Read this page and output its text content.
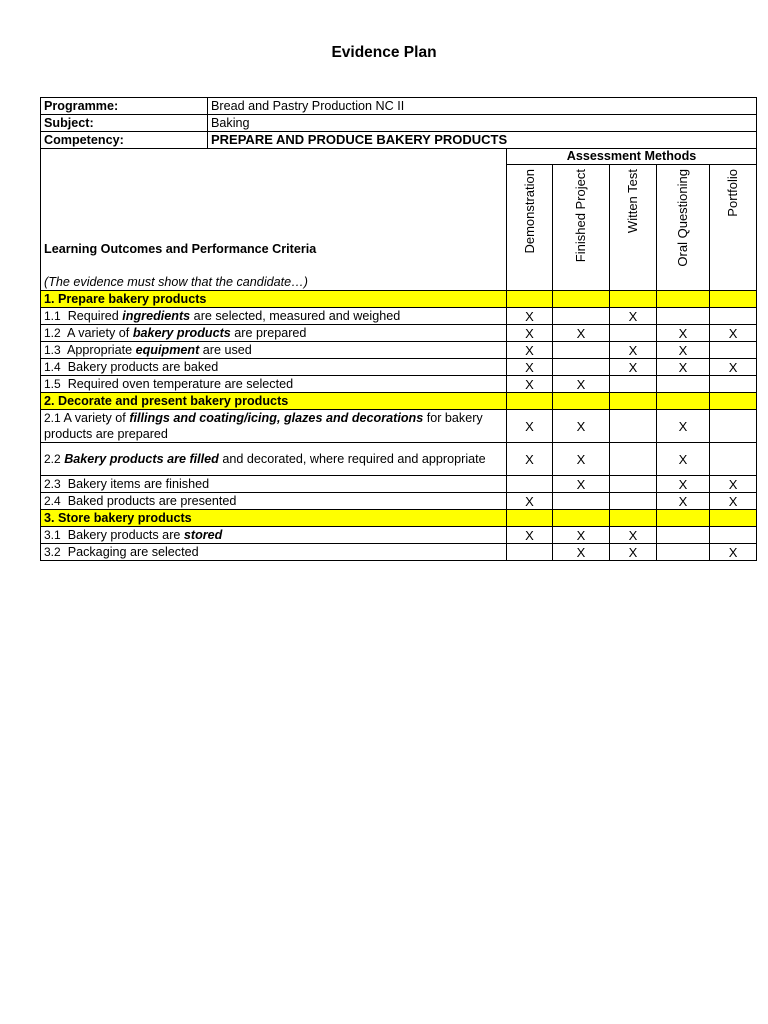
Evidence Plan
Programme: Bread and Pastry Production NC II					

Subject: Baking					

Competency: PREPARE AND PRODUCE BAKERY PRODUCTS					

Learning Outcomes and Performance Criteria
(The evidence must show that the candidate…)	Assessment Methods				

	Demonstration	Finished Project	Witten Test	Oral Questioning	Portfolio

1. Prepare bakery products					
1.1 Required ingredients are selected, measured and weighed	X		X		
1.2 A variety of bakery products are prepared	X	X		X	X
1.3 Appropriate equipment are used	X		X	X	
1.4 Bakery products are baked	X		X	X	X
1.5 Required oven temperature are selected	X	X			
2. Decorate and present bakery products					
2.1 A variety of fillings and coating/icing, glazes and decorations for bakery products are prepared	X	X		X	
2.2 Bakery products are filled and decorated, where required and appropriate	X	X		X	
2.3 Bakery items are finished		X		X	X
2.4 Baked products are presented	X			X	X
3. Store bakery products					
3.1 Bakery products are stored	X	X	X		
3.2 Packaging are selected		X	X		X
